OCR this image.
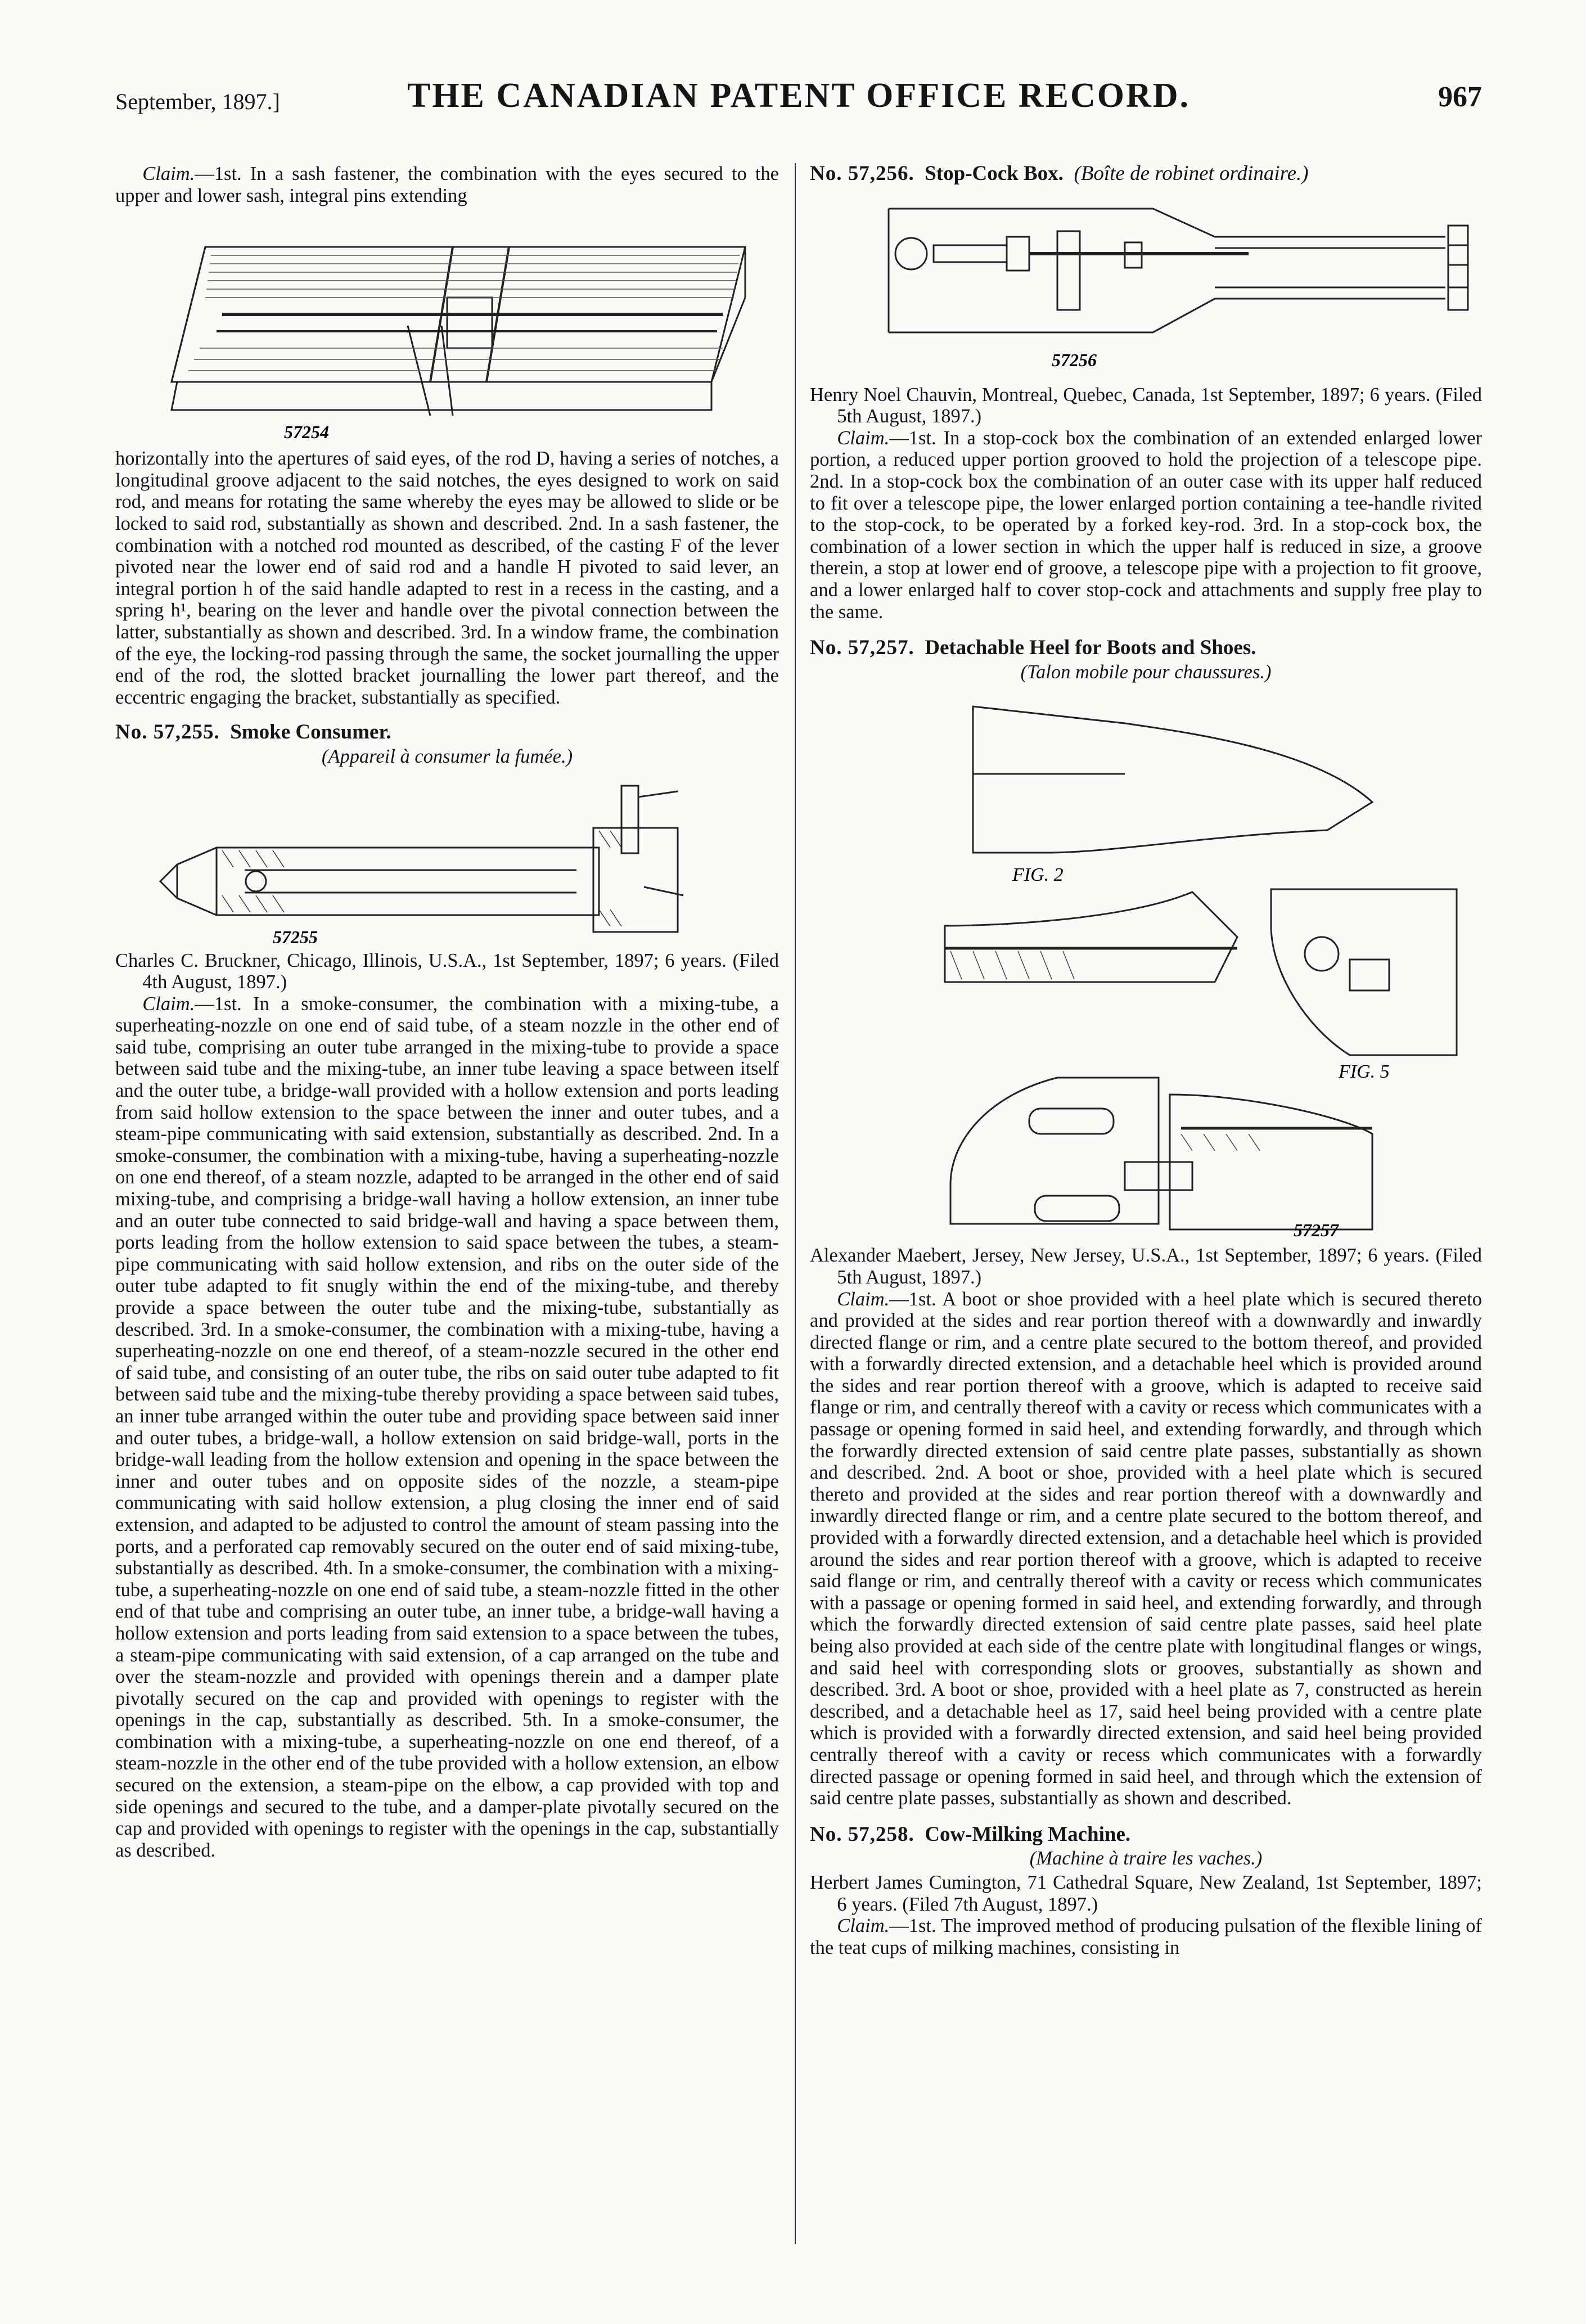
September, 1897.]	THE CANADIAN PATENT OFFICE RECORD.	967

Claim.—1st. In a sash fastener, the combination with the eyes secured to the upper and lower sash, integral pins extending

57254

horizontally into the apertures of said eyes, of the rod D, having a series of notches, a longitudinal groove adjacent to the said notches, the eyes designed to work on said rod, and means for rotating the same whereby the eyes may be allowed to slide or be locked to said rod, substantially as shown and described. 2nd. In a sash fastener, the combination with a notched rod mounted as described, of the casting F of the lever pivoted near the lower end of said rod and a handle H pivoted to said lever, an integral portion h of the said handle adapted to rest in a recess in the casting, and a spring h¹, bearing on the lever and handle over the pivotal connection between the latter, substantially as shown and described. 3rd. In a window frame, the combination of the eye, the locking-rod passing through the same, the socket journalling the upper end of the rod, the slotted bracket journalling the lower part thereof, and the eccentric engaging the bracket, substantially as specified.

No. 57,255. Smoke Consumer.

(Appareil à consumer la fumée.)

57255

Charles C. Bruckner, Chicago, Illinois, U.S.A., 1st September, 1897; 6 years. (Filed 4th August, 1897.)

Claim.—1st. In a smoke-consumer, the combination with a mixing-tube, a superheating-nozzle on one end of said tube, of a steam nozzle in the other end of said tube, comprising an outer tube arranged in the mixing-tube to provide a space between said tube and the mixing-tube, an inner tube leaving a space between itself and the outer tube, a bridge-wall provided with a hollow extension and ports leading from said hollow extension to the space between the inner and outer tubes, and a steam-pipe communicating with said extension, substantially as described. 2nd. In a smoke-consumer, the combination with a mixing-tube, having a superheating-nozzle on one end thereof, of a steam nozzle, adapted to be arranged in the other end of said mixing-tube, and comprising a bridge-wall having a hollow extension, an inner tube and an outer tube connected to said bridge-wall and having a space between them, ports leading from the hollow extension to said space between the tubes, a steam-pipe communicating with said hollow extension, and ribs on the outer side of the outer tube adapted to fit snugly within the end of the mixing-tube, and thereby provide a space between the outer tube and the mixing-tube, substantially as described. 3rd. In a smoke-consumer, the combination with a mixing-tube, having a superheating-nozzle on one end thereof, of a steam-nozzle secured in the other end of said tube, and consisting of an outer tube, the ribs on said outer tube adapted to fit between said tube and the mixing-tube thereby providing a space between said tubes, an inner tube arranged within the outer tube and providing space between said inner and outer tubes, a bridge-wall, a hollow extension on said bridge-wall, ports in the bridge-wall leading from the hollow extension and opening in the space between the inner and outer tubes and on opposite sides of the nozzle, a steam-pipe communicating with said hollow extension, a plug closing the inner end of said extension, and adapted to be adjusted to control the amount of steam passing into the ports, and a perforated cap removably secured on the outer end of said mixing-tube, substantially as described. 4th. In a smoke-consumer, the combination with a mixing-tube, a superheating-nozzle on one end of said tube, a steam-nozzle fitted in the other end of that tube and comprising an outer tube, an inner tube, a bridge-wall having a hollow extension and ports leading from said extension to a space between the tubes, a steam-pipe communicating with said extension, of a cap arranged on the tube and over the steam-nozzle and provided with openings therein and a damper plate pivotally secured on the cap and provided with openings to register with the openings in the cap, substantially as described. 5th. In a smoke-consumer, the combination with a mixing-tube, a superheating-nozzle on one end thereof, of a steam-nozzle in the other end of the tube provided with a hollow extension, an elbow secured on the extension, a steam-pipe on the elbow, a cap provided with top and side openings and secured to the tube, and a damper-plate pivotally secured on the cap and provided with openings to register with the openings in the cap, substantially as described.

No. 57,256. Stop-Cock Box. (Boîte de robinet ordinaire.)

57256

Henry Noel Chauvin, Montreal, Quebec, Canada, 1st September, 1897; 6 years. (Filed 5th August, 1897.)

Claim.—1st. In a stop-cock box the combination of an extended enlarged lower portion, a reduced upper portion grooved to hold the projection of a telescope pipe. 2nd. In a stop-cock box the combination of an outer case with its upper half reduced to fit over a telescope pipe, the lower enlarged portion containing a tee-handle rivited to the stop-cock, to be operated by a forked key-rod. 3rd. In a stop-cock box, the combination of a lower section in which the upper half is reduced in size, a groove therein, a stop at lower end of groove, a telescope pipe with a projection to fit groove, and a lower enlarged half to cover stop-cock and attachments and supply free play to the same.

No. 57,257. Detachable Heel for Boots and Shoes.

(Talon mobile pour chaussures.)

FIG. 2
FIG. 5
57257

Alexander Maebert, Jersey, New Jersey, U.S.A., 1st September, 1897; 6 years. (Filed 5th August, 1897.)

Claim.—1st. A boot or shoe provided with a heel plate which is secured thereto and provided at the sides and rear portion thereof with a downwardly and inwardly directed flange or rim, and a centre plate secured to the bottom thereof, and provided with a forwardly directed extension, and a detachable heel which is provided around the sides and rear portion thereof with a groove, which is adapted to receive said flange or rim, and centrally thereof with a cavity or recess which communicates with a passage or opening formed in said heel, and extending forwardly, and through which the forwardly directed extension of said centre plate passes, substantially as shown and described. 2nd. A boot or shoe, provided with a heel plate which is secured thereto and provided at the sides and rear portion thereof with a downwardly and inwardly directed flange or rim, and a centre plate secured to the bottom thereof, and provided with a forwardly directed extension, and a detachable heel which is provided around the sides and rear portion thereof with a groove, which is adapted to receive said flange or rim, and centrally thereof with a cavity or recess which communicates with a passage or opening formed in said heel, and extending forwardly, and through which the forwardly directed extension of said centre plate passes, said heel plate being also provided at each side of the centre plate with longitudinal flanges or wings, and said heel with corresponding slots or grooves, substantially as shown and described. 3rd. A boot or shoe, provided with a heel plate as 7, constructed as herein described, and a detachable heel as 17, said heel being provided with a centre plate which is provided with a forwardly directed extension, and said heel being provided centrally thereof with a cavity or recess which communicates with a forwardly directed passage or opening formed in said heel, and through which the extension of said centre plate passes, substantially as shown and described.

No. 57,258. Cow-Milking Machine.

(Machine à traire les vaches.)

Herbert James Cumington, 71 Cathedral Square, New Zealand, 1st September, 1897; 6 years. (Filed 7th August, 1897.)

Claim.—1st. The improved method of producing pulsation of the flexible lining of the teat cups of milking machines, consisting in
